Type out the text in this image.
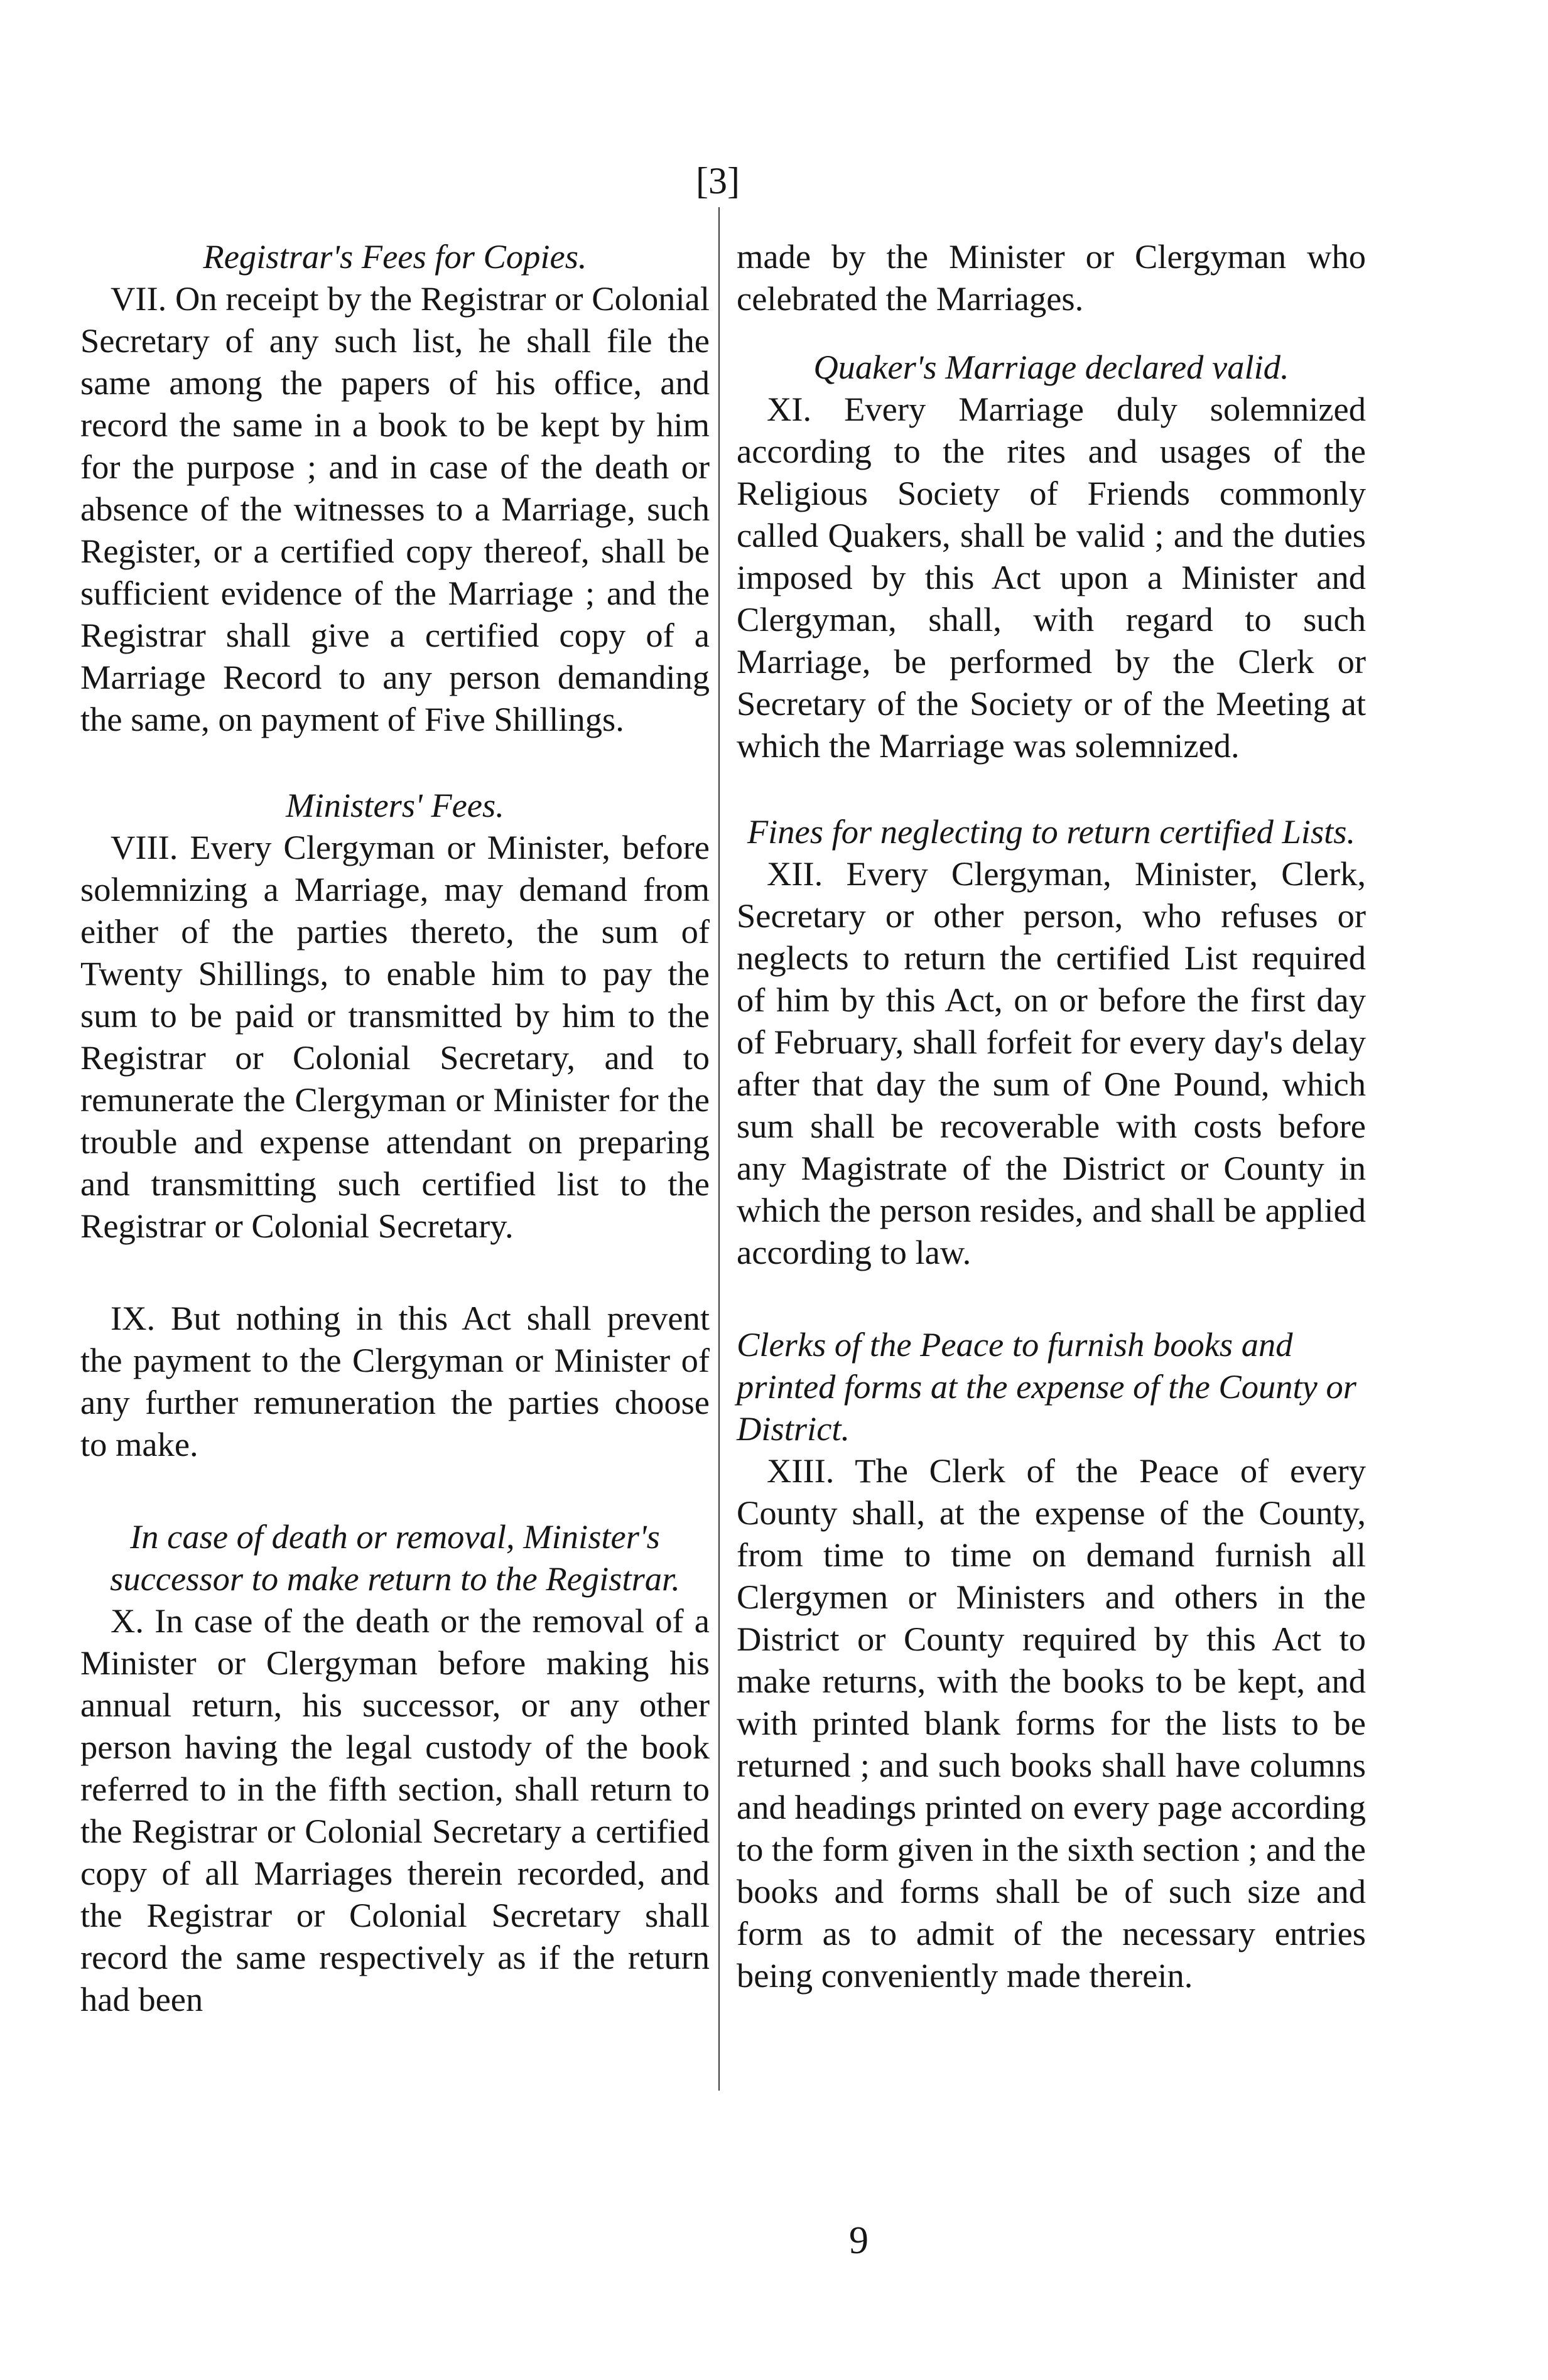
[3]

Registrar's Fees for Copies.

VII. On receipt by the Registrar or Colonial Secretary of any such list, he shall file the same among the papers of his office, and record the same in a book to be kept by him for the purpose ; and in case of the death or absence of the witnesses to a Marriage, such Register, or a certified copy thereof, shall be sufficient evidence of the Marriage ; and the Registrar shall give a certified copy of a Marriage Record to any person demanding the same, on payment of Five Shillings.

Ministers' Fees.

VIII. Every Clergyman or Minister, before solemnizing a Marriage, may demand from either of the parties thereto, the sum of Twenty Shillings, to enable him to pay the sum to be paid or transmitted by him to the Registrar or Colonial Secretary, and to remunerate the Clergyman or Minister for the trouble and expense attendant on preparing and transmitting such certified list to the Registrar or Colonial Secretary.

IX. But nothing in this Act shall prevent the payment to the Clergyman or Minister of any further remuneration the parties choose to make.

In case of death or removal, Minister's successor to make return to the Registrar.

X. In case of the death or the removal of a Minister or Clergyman before making his annual return, his successor, or any other person having the legal custody of the book referred to in the fifth section, shall return to the Registrar or Colonial Secretary a certified copy of all Marriages therein recorded, and the Registrar or Colonial Secretary shall record the same respectively as if the return had been

made by the Minister or Clergyman who celebrated the Marriages.

Quaker's Marriage declared valid.

XI. Every Marriage duly solemnized according to the rites and usages of the Religious Society of Friends commonly called Quakers, shall be valid ; and the duties imposed by this Act upon a Minister and Clergyman, shall, with regard to such Marriage, be performed by the Clerk or Secretary of the Society or of the Meeting at which the Marriage was solemnized.

Fines for neglecting to return certified Lists.

XII. Every Clergyman, Minister, Clerk, Secretary or other person, who refuses or neglects to return the certified List required of him by this Act, on or before the first day of February, shall forfeit for every day's delay after that day the sum of One Pound, which sum shall be recoverable with costs before any Magistrate of the District or County in which the person resides, and shall be applied according to law.

Clerks of the Peace to furnish books and printed forms at the expense of the County or District.

XIII. The Clerk of the Peace of every County shall, at the expense of the County, from time to time on demand furnish all Clergymen or Ministers and others in the District or County required by this Act to make returns, with the books to be kept, and with printed blank forms for the lists to be returned ; and such books shall have columns and headings printed on every page according to the form given in the sixth section ; and the books and forms shall be of such size and form as to admit of the necessary entries being conveniently made therein.

9
